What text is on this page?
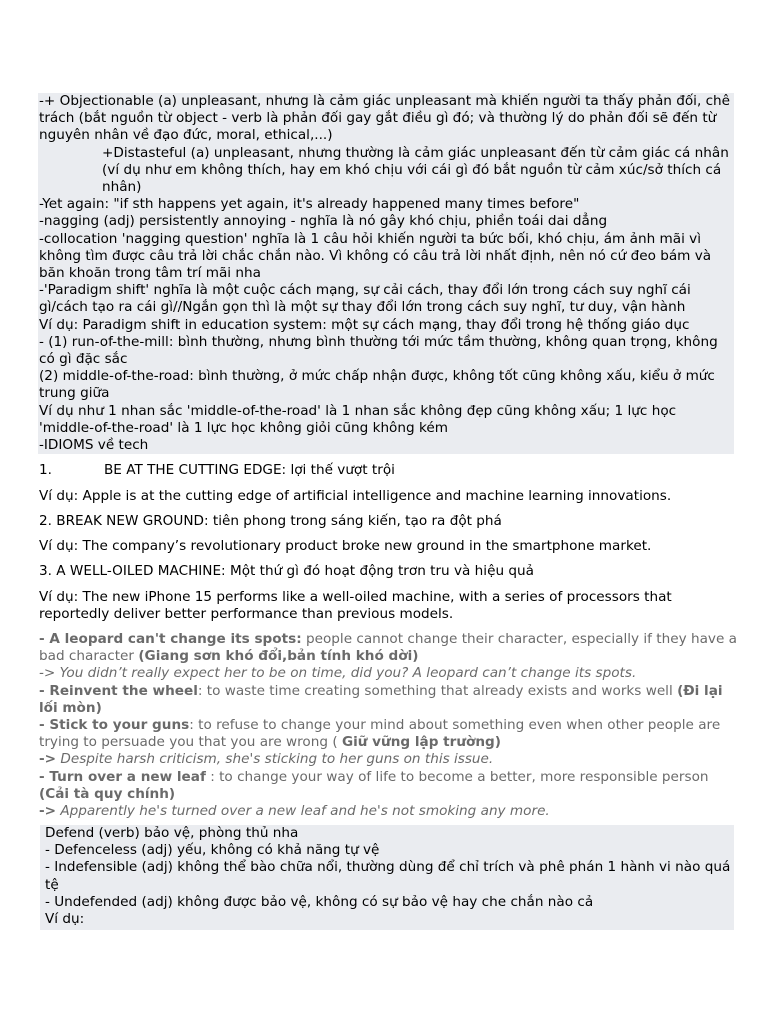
-+ Objectionable (a) unpleasant, nhưng là cảm giác unpleasant mà khiến người ta thấy phản đối, chê trách (bắt nguồn từ object - verb là phản đối gay gắt điều gì đó; và thường lý do phản đối sẽ đến từ nguyên nhân về đạo đức, moral, ethical,...)

+Distasteful (a) unpleasant, nhưng thường là cảm giác unpleasant đến từ cảm giác cá nhân (ví dụ như em không thích, hay em khó chịu với cái gì đó bắt nguồn từ cảm xúc/sở thích cá nhân)

-Yet again: "if sth happens yet again, it's already happened many times before"

-nagging (adj) persistently annoying - nghĩa là nó gây khó chịu, phiền toái dai dẳng

-collocation 'nagging question' nghĩa là 1 câu hỏi khiến người ta bức bối, khó chịu, ám ảnh mãi vì không tìm được câu trả lời chắc chắn nào. Vì không có câu trả lời nhất định, nên nó cứ đeo bám và băn khoăn trong tâm trí mãi nha

-'Paradigm shift' nghĩa là một cuộc cách mạng, sự cải cách, thay đổi lớn trong cách suy nghĩ cái gì/cách tạo ra cái gì//Ngắn gọn thì là một sự thay đổi lớn trong cách suy nghĩ, tư duy, vận hành

Ví dụ: Paradigm shift in education system: một sự cách mạng, thay đổi trong hệ thống giáo dục

- (1) run-of-the-mill: bình thường, nhưng bình thường tới mức tầm thường, không quan trọng, không có gì đặc sắc

(2) middle-of-the-road: bình thường, ở mức chấp nhận được, không tốt cũng không xấu, kiểu ở mức trung giữa

Ví dụ như 1 nhan sắc 'middle-of-the-road' là 1 nhan sắc không đẹp cũng không xấu; 1 lực học 'middle-of-the-road' là 1 lực học không giỏi cũng không kém

-IDIOMS về tech

1.	BE AT THE CUTTING EDGE: lợi thế vượt trội

Ví dụ: Apple is at the cutting edge of artificial intelligence and machine learning innovations.

2. BREAK NEW GROUND: tiên phong trong sáng kiến, tạo ra đột phá

Ví dụ: The company’s revolutionary product broke new ground in the smartphone market.

3. A WELL-OILED MACHINE: Một thứ gì đó hoạt động trơn tru và hiệu quả

Ví dụ: The new iPhone 15 performs like a well-oiled machine, with a series of processors that reportedly deliver better performance than previous models.

- A leopard can't change its spots: people cannot change their character, especially if they have a bad character (Giang sơn khó đổi,bản tính khó dời)

-> You didn’t really expect her to be on time, did you? A leopard can’t change its spots.

- Reinvent the wheel: to waste time creating something that already exists and works well (Đi lại lối mòn)

- Stick to your guns: to refuse to change your mind about something even when other people are trying to persuade you that you are wrong ( Giữ vững lập trường)

-> Despite harsh criticism, she's sticking to her guns on this issue.

- Turn over a new leaf : to change your way of life to become a better, more responsible person (Cải tà quy chính)

-> Apparently he's turned over a new leaf and he's not smoking any more.

Defend (verb) bảo vệ, phòng thủ nha

- Defenceless (adj) yếu, không có khả năng tự vệ

- Indefensible (adj) không thể bào chữa nổi, thường dùng để chỉ trích và phê phán 1 hành vi nào quá tệ

- Undefended (adj) không được bảo vệ, không có sự bảo vệ hay che chắn nào cả

Ví dụ:
